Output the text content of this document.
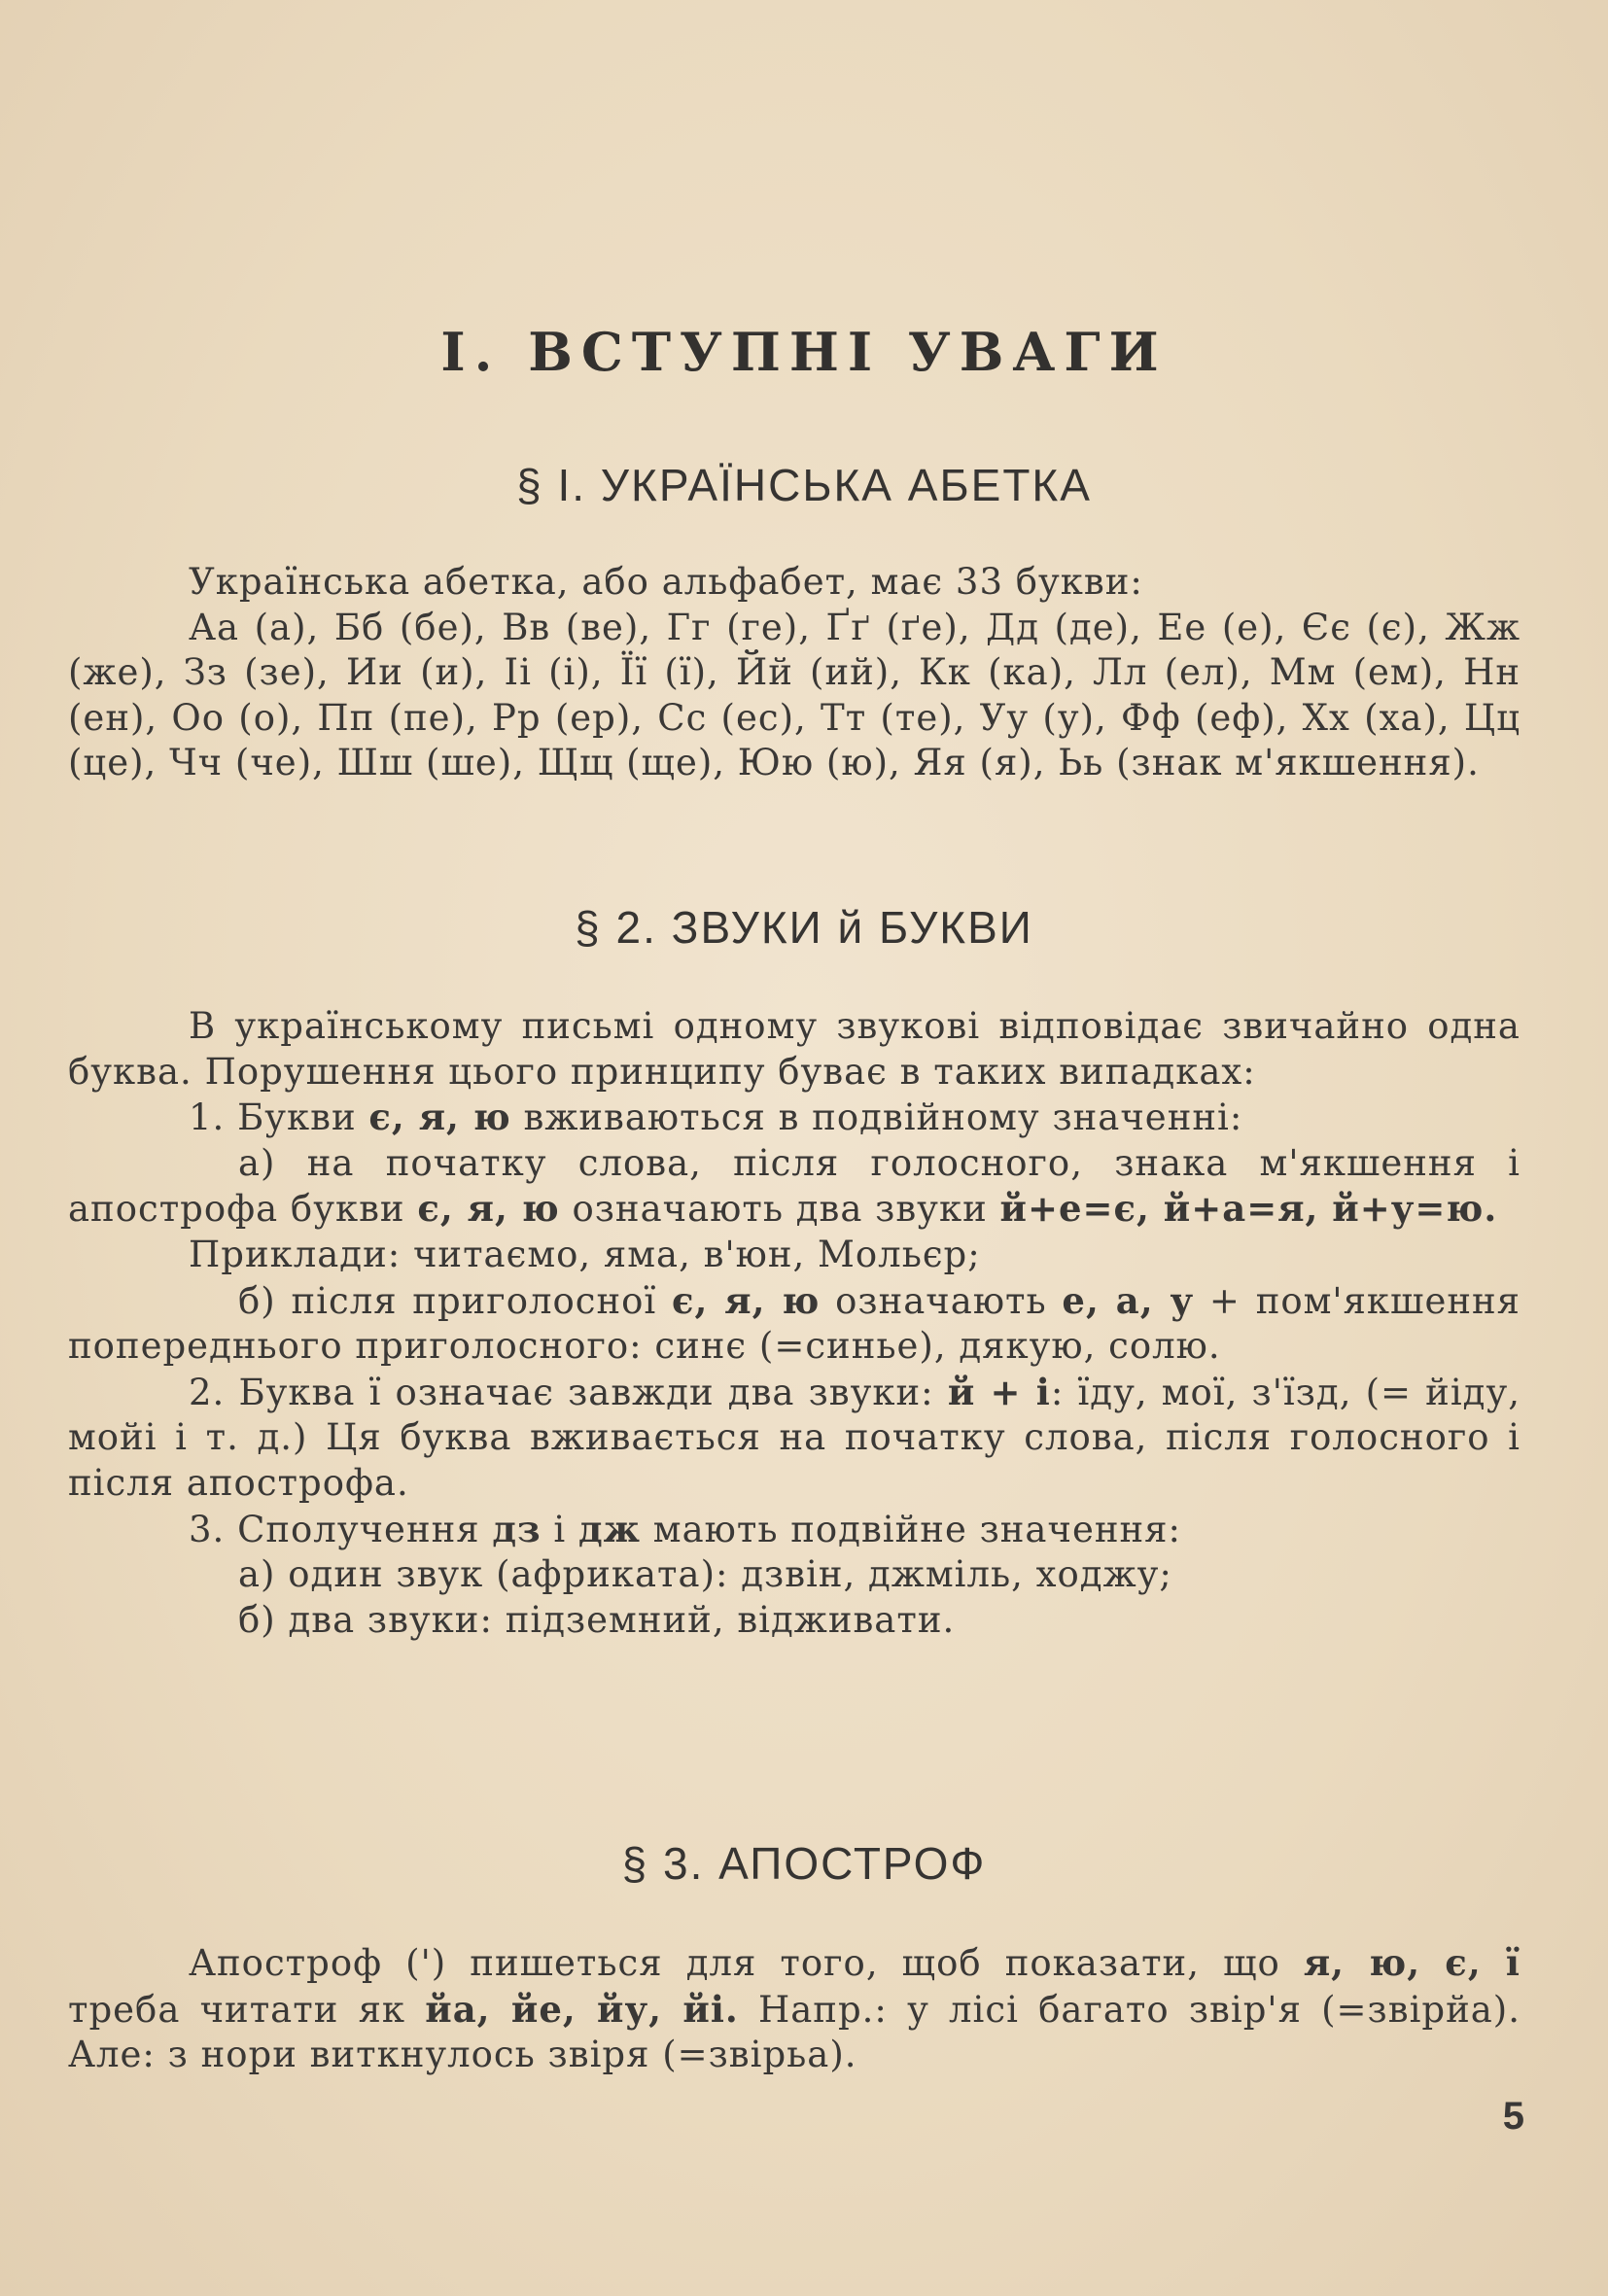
I. ВСТУПНІ УВАГИ
§ I. УКРАЇНСЬКА АБЕТКА

Українська абетка, або альфабет, має 33 букви:

Аа (а), Бб (бе), Вв (ве), Гг (ге), Ґґ (ґе), Дд (де), Ее (е), Єє (є), Жж (же), Зз (зе), Ии (и), Іі (і), Її (ї), Йй (ий), Кк (ка), Лл (ел), Мм (ем), Нн (ен), Оо (о), Пп (пе), Рр (ер), Сс (ес), Тт (те), Уу (у), Фф (еф), Хх (ха), Цц (це), Чч (че), Шш (ше), Щщ (ще), Юю (ю), Яя (я), Ьь (знак м'якшення).

§ 2. ЗВУКИ й БУКВИ

В українському письмі одному звукові відповідає звичайно одна буква. Порушення цього принципу буває в таких випадках:

1. Букви є, я, ю вживаються в подвійному значенні:

а) на початку слова, після голосного, знака м'якшення і апострофа букви є, я, ю означають два звуки й+е=є, й+а=я, й+у=ю.

Приклади: читаємо, яма, в'юн, Мольєр;

б) після приголосної є, я, ю означають е, а, у + пом'якшення попереднього приголосного: синє (=синье), дякую, солю.

2. Буква ї означає завжди два звуки: й + і: їду, мої, з'їзд, (= йіду, мойі і т. д.) Ця буква вживається на початку слова, після голосного і після апострофа.

3. Сполучення дз і дж мають подвійне значення:

а) один звук (африката): дзвін, джміль, ходжу;

б) два звуки: підземний, відживати.

§ 3. АПОСТРОФ

Апостроф (') пишеться для того, щоб показати, що я, ю, є, ї треба читати як йа, йе, йу, йі. Напр.: у лісі багато звір'я (=звірйа). Але: з нори виткнулось звіря (=звірьа).

5
